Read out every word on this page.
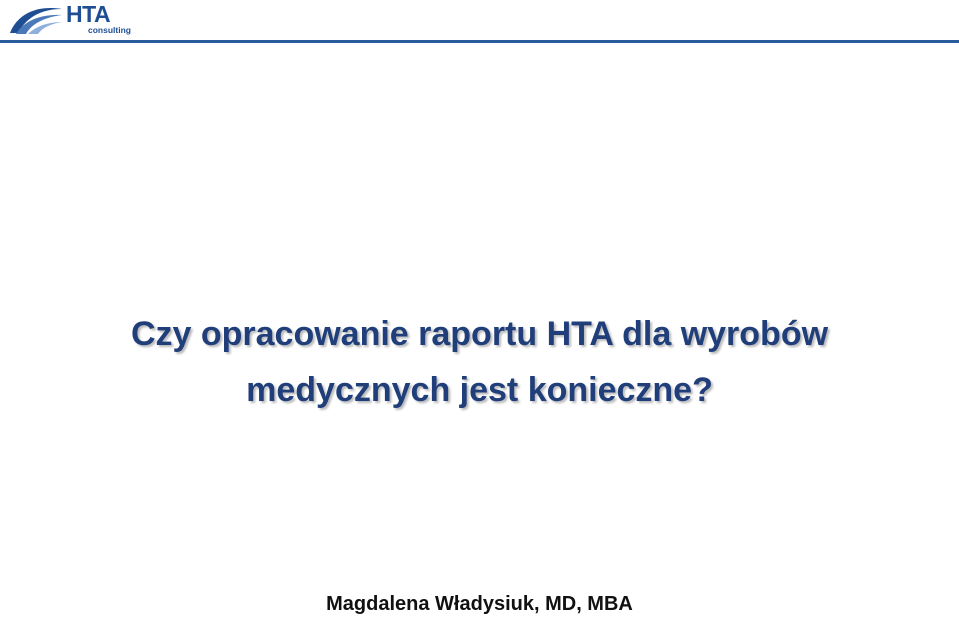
HTA
consulting
Czy opracowanie raportu HTA dla wyrobów
medycznych jest konieczne?

Magdalena Władysiuk, MD, MBA
